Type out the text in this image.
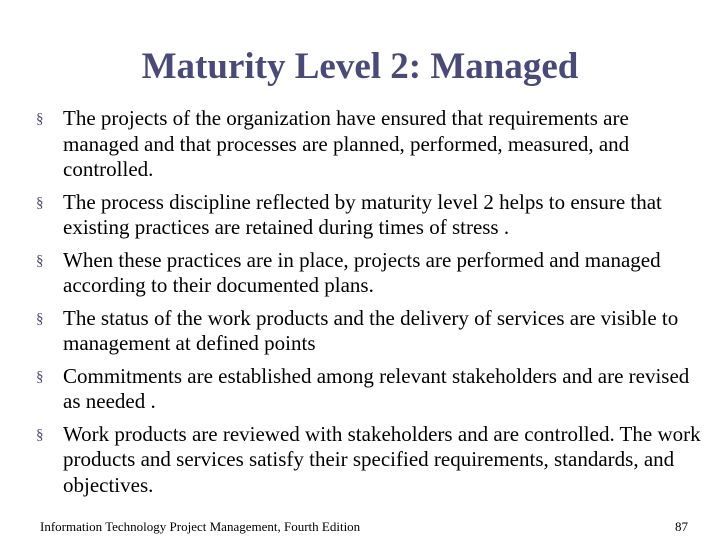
Maturity Level 2: Managed
§ The projects of the organization have ensured that requirements are managed and that processes are planned, performed, measured, and controlled.
§ The process discipline reflected by maturity level 2 helps to ensure that existing practices are retained during times of stress .
§ When these practices are in place, projects are performed and managed according to their documented plans.
§ The status of the work products and the delivery of services are visible to management at defined points
§ Commitments are established among relevant stakeholders and are revised as needed .
§ Work products are reviewed with stakeholders and are controlled. The work products and services satisfy their specified requirements, standards, and objectives.
Information Technology Project Management, Fourth Edition	87
